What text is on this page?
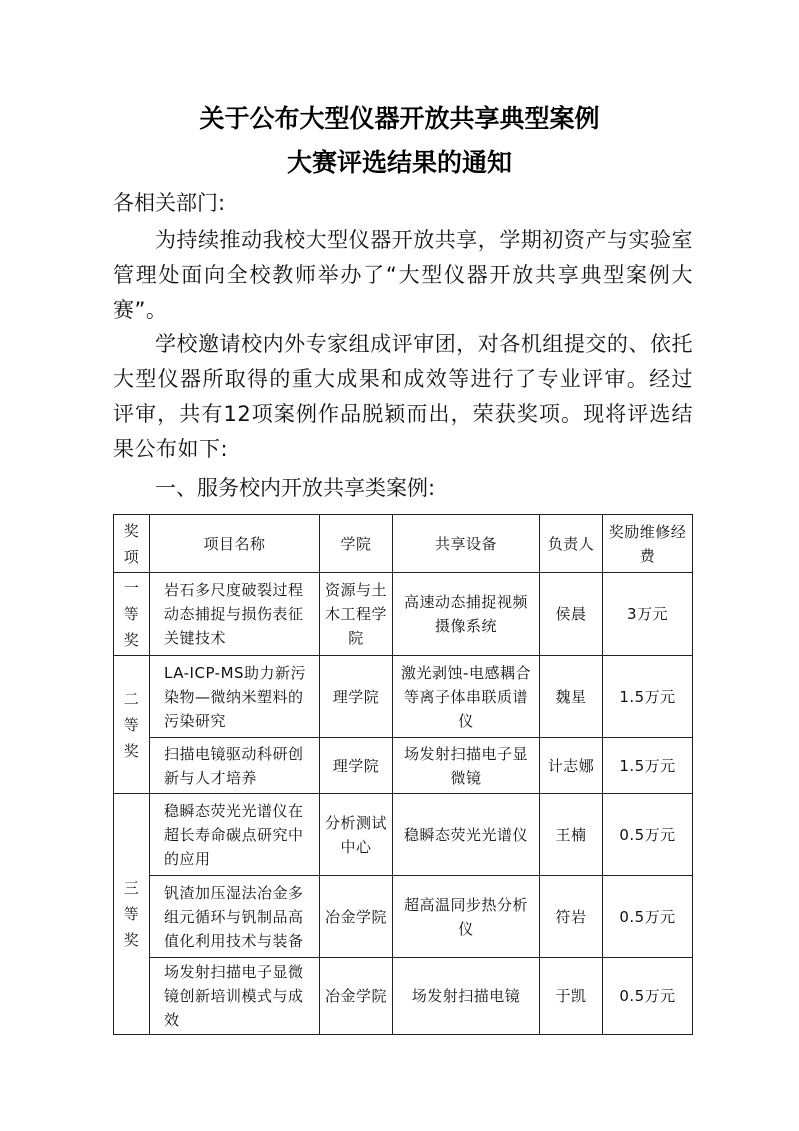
关于公布大型仪器开放共享典型案例
大赛评选结果的通知
各相关部门:
为持续推动我校大型仪器开放共享，学期初资产与实验室管理处面向全校教师举办了“大型仪器开放共享典型案例大赛”。
学校邀请校内外专家组成评审团，对各机组提交的、依托大型仪器所取得的重大成果和成效等进行了专业评审。经过评审，共有12项案例作品脱颖而出，荣获奖项。现将评选结果公布如下:
一、服务校内开放共享类案例:
奖项	项目名称	学院	共享设备	负责人	奖励维修经费
一等奖	岩石多尺度破裂过程动态捕捉与损伤表征关键技术	资源与土木工程学院	高速动态捕捉视频摄像系统	侯晨	3万元
二等奖	LA-ICP-MS助力新污染物—微纳米塑料的污染研究	理学院	激光剥蚀-电感耦合等离子体串联质谱仪	魏星	1.5万元
	扫描电镜驱动科研创新与人才培养	理学院	场发射扫描电子显微镜	计志娜	1.5万元
三等奖	稳瞬态荧光光谱仪在超长寿命碳点研究中的应用	分析测试中心	稳瞬态荧光光谱仪	王楠	0.5万元
	钒渣加压湿法冶金多组元循环与钒制品高值化利用技术与装备	冶金学院	超高温同步热分析仪	符岩	0.5万元
	场发射扫描电子显微镜创新培训模式与成效	冶金学院	场发射扫描电镜	于凯	0.5万元
